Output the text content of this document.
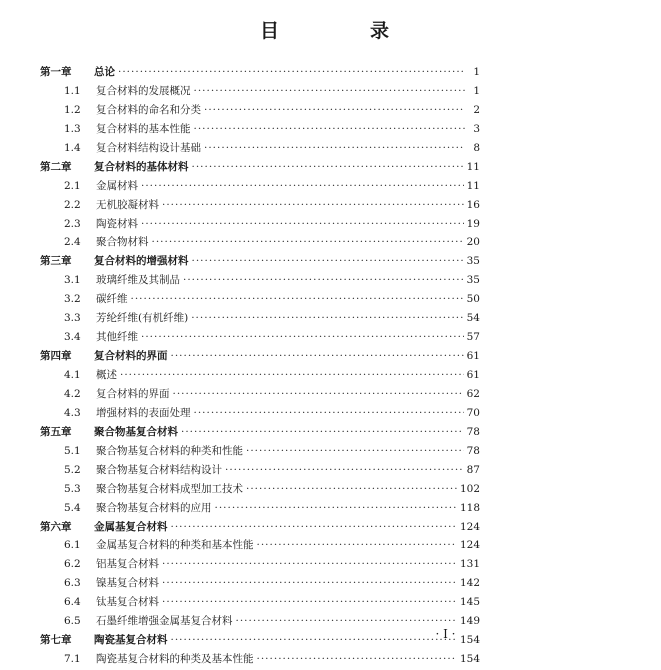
目　录
第一章	总论 ·····	1
1.1	复合材料的发展概况 ·····	1
1.2	复合材料的命名和分类 ·····	2
1.3	复合材料的基本性能 ·····	3
1.4	复合材料结构设计基础 ·····	8
第二章	复合材料的基体材料 ·····	11
2.1	金属材料 ·····	11
2.2	无机胶凝材料 ·····	16
2.3	陶瓷材料 ·····	19
2.4	聚合物材料 ·····	20
第三章	复合材料的增强材料 ·····	35
3.1	玻璃纤维及其制品 ·····	35
3.2	碳纤维 ·····	50
3.3	芳纶纤维(有机纤维) ·····	54
3.4	其他纤维 ·····	57
第四章	复合材料的界面 ·····	61
4.1	概述 ·····	61
4.2	复合材料的界面 ·····	62
4.3	增强材料的表面处理 ·····	70
第五章	聚合物基复合材料 ·····	78
5.1	聚合物基复合材料的种类和性能 ·····	78
5.2	聚合物基复合材料结构设计 ·····	87
5.3	聚合物基复合材料成型加工技术 ·····	102
5.4	聚合物基复合材料的应用 ·····	118
第六章	金属基复合材料 ·····	124
6.1	金属基复合材料的种类和基本性能 ·····	124
6.2	铝基复合材料 ·····	131
6.3	镍基复合材料 ·····	142
6.4	钛基复合材料 ·····	145
6.5	石墨纤维增强金属基复合材料 ·····	149
第七章	陶瓷基复合材料 ·····	154
7.1	陶瓷基复合材料的种类及基本性能 ·····	154
· I ·
